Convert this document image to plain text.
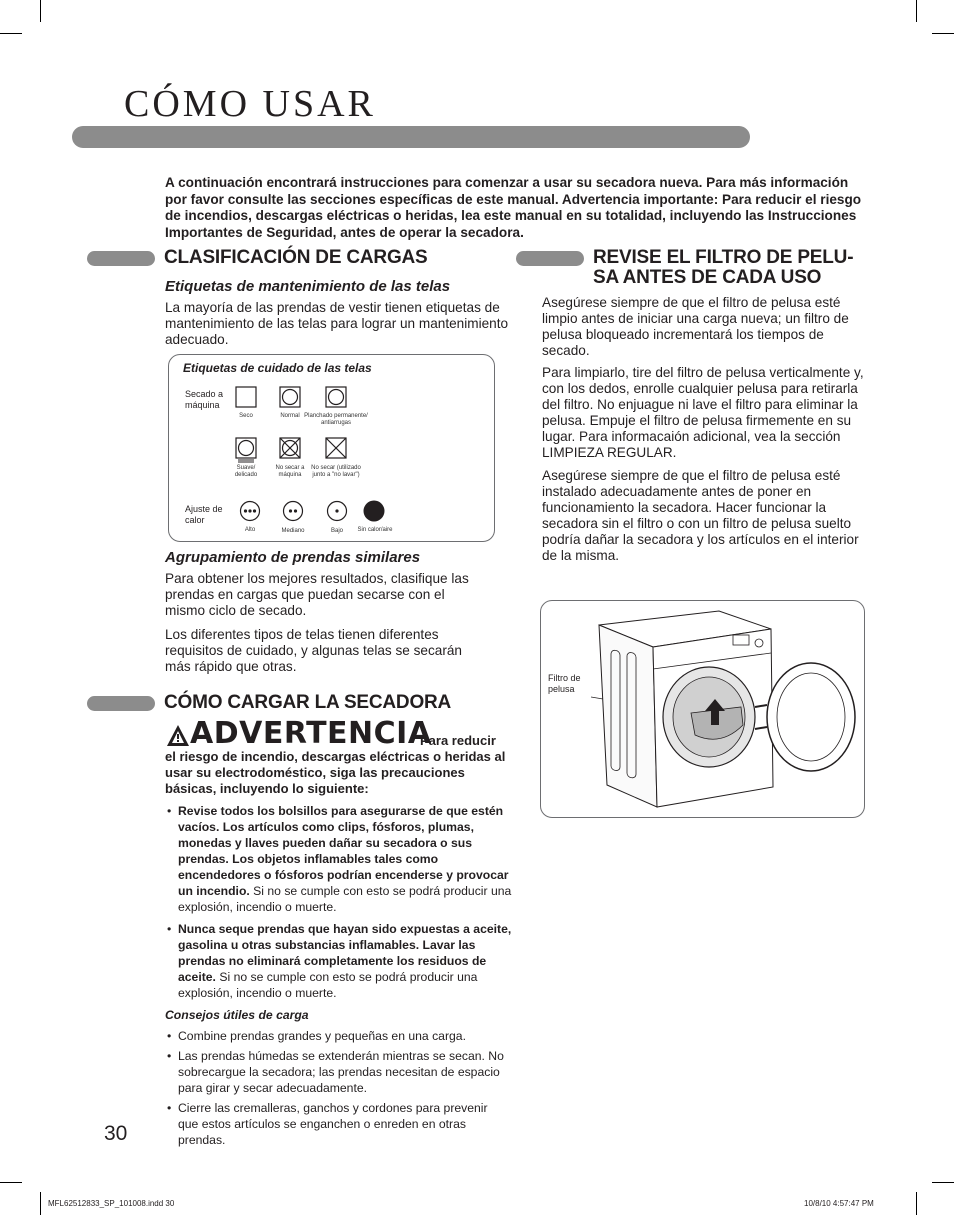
CÓMO USAR
A continuación encontrará instrucciones para comenzar a usar su secadora nueva. Para más información por favor consulte las secciones específicas de este manual. Advertencia importante: Para reducir el riesgo de incendios, descargas eléctricas o heridas, lea este manual en su totalidad, incluyendo las Instrucciones Importantes de Seguridad, antes de operar la secadora.
CLASIFICACIÓN DE CARGAS
Etiquetas de mantenimiento de las telas
La mayoría de las prendas de vestir tienen etiquetas de mantenimiento de las telas para lograr un mantenimiento adecuado.
Etiquetas de cuidado de las telas
Secado a máquina
Seco	Normal Planchado permanente/ antiarrugas
Suave/ delicado
No secar a máquina
No secar (utilizado junto a "no lavar")
Ajuste de calor
Alto	Mediano	Bajo	Sin calor/aire
Agrupamiento de prendas similares
Para obtener los mejores resultados, clasifique las prendas en cargas que puedan secarse con el mismo ciclo de secado.
Los diferentes tipos de telas tienen diferentes requisitos de cuidado, y algunas telas se secarán más rápido que otras.
CÓMO CARGAR LA SECADORA
ADVERTENCIA
Para reducir
el riesgo de incendio, descargas eléctricas o heridas al usar su electrodoméstico, siga las precauciones básicas, incluyendo lo siguiente:
• Revise todos los bolsillos para asegurarse de que estén vacíos. Los artículos como clips, fósforos, plumas, monedas y llaves pueden dañar su secadora o sus prendas. Los objetos inflamables tales como encendedores o fósforos podrían encenderse y provocar un incendio. Si no se cumple con esto se podrá producir una explosión, incendio o muerte.
• Nunca seque prendas que hayan sido expuestas a aceite, gasolina u otras substancias inflamables. Lavar las prendas no eliminará completamente los residuos de aceite. Si no se cumple con esto se podrá producir una explosión, incendio o muerte.
Consejos útiles de carga
• Combine prendas grandes y pequeñas en una carga.
• Las prendas húmedas se extenderán mientras se secan. No sobrecargue la secadora; las prendas necesitan de espacio para girar y secar adecuadamente.
• Cierre las cremalleras, ganchos y cordones para prevenir que estos artículos se enganchen o enreden en otras prendas.
30
REVISE EL FILTRO DE PELU-
SA ANTES DE CADA USO
Asegúrese siempre de que el filtro de pelusa esté limpio antes de iniciar una carga nueva; un filtro de pelusa bloqueado incrementará los tiempos de secado.
Para limpiarlo, tire del filtro de pelusa verticalmente y, con los dedos, enrolle cualquier pelusa para retirarla del filtro. No enjuague ni lave el filtro para eliminar la pelusa. Empuje el filtro de pelusa firmemente en su lugar. Para informacaión adicional, vea la sección LIMPIEZA REGULAR.
Asegúrese siempre de que el filtro de pelusa esté instalado adecuadamente antes de poner en funcionamiento la secadora. Hacer funcionar la secadora sin el filtro o con un filtro de pelusa suelto podría dañar la secadora y los artículos en el interior de la misma.
Filtro de pelusa
MFL62512833_SP_101008.indd 30	10/8/10 4:57:47 PM
